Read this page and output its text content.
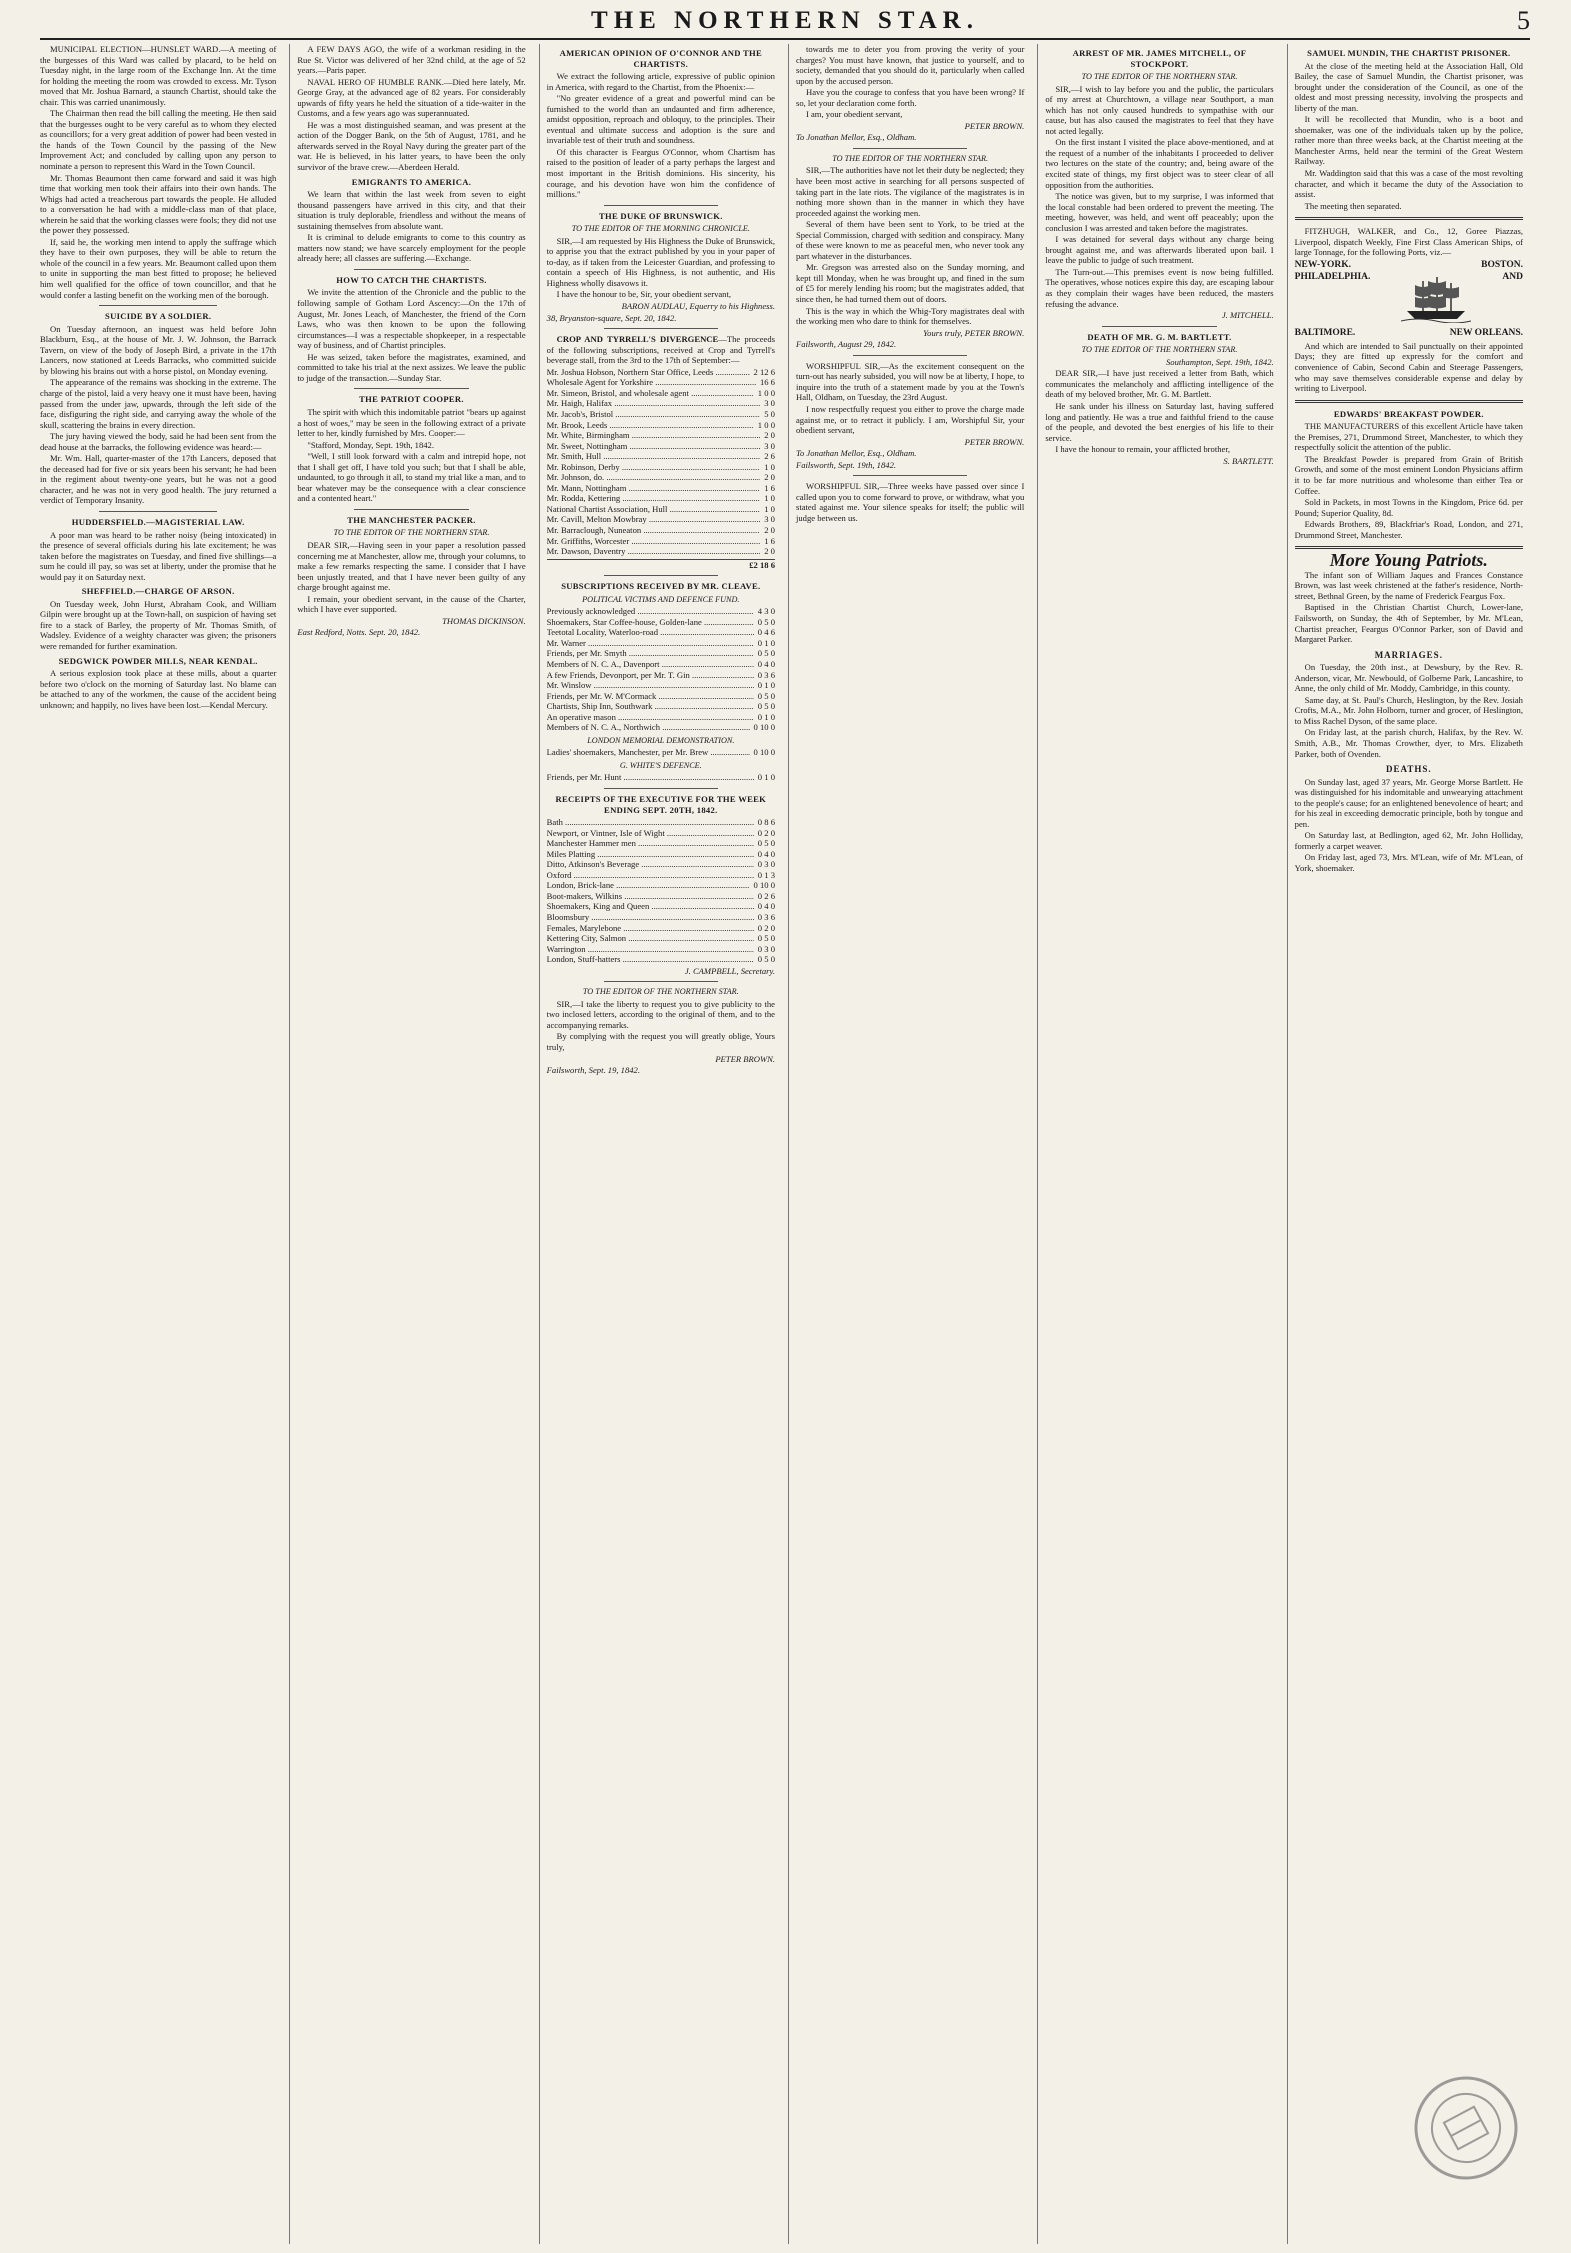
THE NORTHERN STAR.	5

MUNICIPAL ELECTION—HUNSLET WARD.—A meeting of the burgesses of this Ward was called by placard, to be held on Tuesday night, in the large room of the Exchange Inn. At the time for holding the meeting the room was crowded to excess. Mr. Tyson moved that Mr. Joshua Barnard, a staunch Chartist, should take the chair. This was carried unanimously.

The Chairman then read the bill calling the meeting. He then said that the burgesses ought to be very careful as to whom they elected as councillors; for a very great addition of power had been vested in the hands of the Town Council by the passing of the New Improvement Act; and concluded by calling upon any person to nominate a person to represent this Ward in the Town Council.

Mr. Thomas Beaumont then came forward and said it was high time that working men took their affairs into their own hands. The Whigs had acted a treacherous part towards the people. He alluded to a conversation he had with a middle-class man of that place, wherein he said that the working classes were fools; they did not use the power they possessed.

If, said he, the working men intend to apply the suffrage which they have to their own purposes, they will be able to return the whole of the council in a few years. Mr. Beaumont called upon them to unite in supporting the man best fitted to propose; he believed him well qualified for the office of town councillor, and that he would confer a lasting benefit on the working men of the borough.

SUICIDE BY A SOLDIER.

On Tuesday afternoon, an inquest was held before John Blackburn, Esq., at the house of Mr. J. W. Johnson, the Barrack Tavern, on view of the body of Joseph Bird, a private in the 17th Lancers, now stationed at Leeds Barracks, who committed suicide by blowing his brains out with a horse pistol, on Monday evening.

The appearance of the remains was shocking in the extreme. The charge of the pistol, laid a very heavy one it must have been, having passed from the under jaw, upwards, through the left side of the face, disfiguring the right side, and carrying away the whole of the skull, scattering the brains in every direction.

The jury having viewed the body, said he had been sent from the dead house at the barracks, the following evidence was heard:—

Mr. Wm. Hall, quarter-master of the 17th Lancers, deposed that the deceased had for five or six years been his servant; he had been in the regiment about twenty-one years, but he was not a good character, and he was not in very good health. The jury returned a verdict of Temporary Insanity.

HUDDERSFIELD.—MAGISTERIAL LAW.

A poor man was heard to be rather noisy (being intoxicated) in the presence of several officials during his late excitement; he was taken before the magistrates on Tuesday, and fined five shillings—a sum he could ill pay, so was set at liberty, under the promise that he would pay it on Saturday next.

SHEFFIELD.—CHARGE OF ARSON.

On Tuesday week, John Hurst, Abraham Cook, and William Gilpin were brought up at the Town-hall, on suspicion of having set fire to a stack of Barley, the property of Mr. Thomas Smith, of Wadsley. Evidence of a weighty character was given; the prisoners were remanded for further examination.

SEDGWICK POWDER MILLS, NEAR KENDAL.

A serious explosion took place at these mills, about a quarter before two o'clock on the morning of Saturday last. No blame can be attached to any of the workmen, the cause of the accident being unknown; and happily, no lives have been lost.—Kendal Mercury.

A FEW DAYS AGO, the wife of a workman residing in the Rue St. Victor was delivered of her 32nd child, at the age of 52 years.—Paris paper.

NAVAL HERO OF HUMBLE RANK.—Died here lately, Mr. George Gray, at the advanced age of 82 years. For considerably upwards of fifty years he held the situation of a tide-waiter in the Customs, and a few years ago was superannuated.

He was a most distinguished seaman, and was present at the action of the Dogger Bank, on the 5th of August, 1781, and he afterwards served in the Royal Navy during the greater part of the war. He is believed, in his latter years, to have been the only survivor of the brave crew.—Aberdeen Herald.

EMIGRANTS TO AMERICA.

We learn that within the last week from seven to eight thousand passengers have arrived in this city, and that their situation is truly deplorable, friendless and without the means of sustaining themselves from absolute want.

It is criminal to delude emigrants to come to this country as matters now stand; we have scarcely employment for the people already here; all classes are suffering.—Exchange.

HOW TO CATCH THE CHARTISTS.

We invite the attention of the Chronicle and the public to the following sample of Gotham Lord Ascency:—On the 17th of August, Mr. Jones Leach, of Manchester, the friend of the Corn Laws, who was then known to be upon the following circumstances—I was a respectable shopkeeper, in a respectable way of business, and of Chartist principles.

He was seized, taken before the magistrates, examined, and committed to take his trial at the next assizes. We leave the public to judge of the transaction.—Sunday Star.

THE PATRIOT COOPER.

The spirit with which this indomitable patriot "bears up against a host of woes," may be seen in the following extract of a private letter to her, kindly furnished by Mrs. Cooper:—

"Stafford, Monday, Sept. 19th, 1842.

"Well, I still look forward with a calm and intrepid hope, not that I shall get off, I have told you such; but that I shall be able, undaunted, to go through it all, to stand my trial like a man, and to bear whatever may be the consequence with a clear conscience and a contented heart."

THE MANCHESTER PACKER.
TO THE EDITOR OF THE NORTHERN STAR.

DEAR SIR,—Having seen in your paper a resolution passed concerning me at Manchester, allow me, through your columns, to make a few remarks respecting the same. I consider that I have been unjustly treated, and that I have never been guilty of any charge brought against me.

I remain, your obedient servant, in the cause of the Charter, which I have ever supported.

THOMAS DICKINSON.
East Redford, Notts. Sept. 20, 1842.
AMERICAN OPINION OF O'CONNOR AND THE CHARTISTS.

We extract the following article, expressive of public opinion in America, with regard to the Chartist, from the Phoenix:—

"No greater evidence of a great and powerful mind can be furnished to the world than an undaunted and firm adherence, amidst opposition, reproach and obloquy, to the principles. Their eventual and ultimate success and adoption is the sure and invariable test of their truth and soundness.

Of this character is Feargus O'Connor, whom Chartism has raised to the position of leader of a party perhaps the largest and most important in the British dominions. His sincerity, his courage, and his devotion have won him the confidence of millions."

THE DUKE OF BRUNSWICK.
TO THE EDITOR OF THE MORNING CHRONICLE.

SIR,—I am requested by His Highness the Duke of Brunswick, to apprise you that the extract published by you in your paper of to-day, as if taken from the Leicester Guardian, and professing to contain a speech of His Highness, is not authentic, and His Highness wholly disavows it.

I have the honour to be, Sir, your obedient servant,

BARON AUDLAU, Equerry to his Highness.
38, Bryanston-square, Sept. 20, 1842.

CROP AND TYRRELL'S DIVERGENCE—The proceeds of the following subscriptions, received at Crop and Tyrrell's beverage stall, from the 3rd to the 17th of September:—

Mr. Joshua Hobson, Northern Star Office, Leeds .....	2 12 6
Wholesale Agent for Yorkshire .....	16 6
Mr. Simeon, Bristol, and wholesale agent .....	1 0 0
Mr. Haigh, Halifax .....	3 0
Mr. Jacob's, Bristol .....	5 0
Mr. Brook, Leeds .....	1 0 0
Mr. White, Birmingham .....	2 0
Mr. Sweet, Nottingham .....	3 0
Mr. Smith, Hull .....	2 6
Mr. Robinson, Derby .....	1 0
Mr. Johnson, do. .....	2 0
Mr. Mann, Nottingham .....	1 6
Mr. Rodda, Kettering .....	1 0
National Chartist Association, Hull .....	1 0
Mr. Cavill, Melton Mowbray .....	3 0
Mr. Barraclough, Nuneaton .....	2 0
Mr. Griffiths, Worcester .....	1 6
Mr. Dawson, Daventry .....	2 0
£2 18 6
SUBSCRIPTIONS RECEIVED BY MR. CLEAVE.
POLITICAL VICTIMS AND DEFENCE FUND.
Previously acknowledged .....	4 3 0
Shoemakers, Star Coffee-house, Golden-lane .....	0 5 0
Teetotal Locality, Waterloo-road .....	0 4 6
Mr. Warner .....	0 1 0
Friends, per Mr. Smyth .....	0 5 0
Members of N. C. A., Davenport .....	0 4 0
A few Friends, Devonport, per Mr. T. Gin .....	0 3 6
Mr. Winslow .....	0 1 0
Friends, per Mr. W. M'Cormack .....	0 5 0
Chartists, Ship Inn, Southwark .....	0 5 0
An operative mason .....	0 1 0
Members of N. C. A., Northwich .....	0 10 0
LONDON MEMORIAL DEMONSTRATION.
Ladies' shoemakers, Manchester, per Mr. Brew .....	0 10 0
G. WHITE'S DEFENCE.
Friends, per Mr. Hunt .....	0 1 0
RECEIPTS OF THE EXECUTIVE FOR THE WEEK ENDING SEPT. 20TH, 1842.
Bath .....	0 8 6
Newport, or Vintner, Isle of Wight .....	0 2 0
Manchester Hammer men .....	0 5 0
Miles Platting .....	0 4 0
Ditto, Atkinson's Beverage .....	0 3 0
Oxford .....	0 1 3
London, Brick-lane .....	0 10 0
Boot-makers, Wilkins .....	0 2 6
Shoemakers, King and Queen .....	0 4 0
Bloomsbury .....	0 3 6
Females, Marylebone .....	0 2 0
Kettering City, Salmon .....	0 5 0
Warrington .....	0 3 0
London, Stuff-hatters .....	0 5 0
J. CAMPBELL, Secretary.
TO THE EDITOR OF THE NORTHERN STAR.

SIR,—I take the liberty to request you to give publicity to the two inclosed letters, according to the original of them, and to the accompanying remarks.

By complying with the request you will greatly oblige, Yours truly,

PETER BROWN.
Failsworth, Sept. 19, 1842.

towards me to deter you from proving the verity of your charges? You must have known, that justice to yourself, and to society, demanded that you should do it, particularly when called upon by the accused person.

Have you the courage to confess that you have been wrong? If so, let your declaration come forth.

I am, your obedient servant,

PETER BROWN.
To Jonathan Mellor, Esq., Oldham.
TO THE EDITOR OF THE NORTHERN STAR.

SIR,—The authorities have not let their duty be neglected; they have been most active in searching for all persons suspected of taking part in the late riots. The vigilance of the magistrates is in nothing more shown than in the manner in which they have proceeded against the working men.

Several of them have been sent to York, to be tried at the Special Commission, charged with sedition and conspiracy. Many of these were known to me as peaceful men, who never took any part whatever in the disturbances.

Mr. Gregson was arrested also on the Sunday morning, and kept till Monday, when he was brought up, and fined in the sum of £5 for merely lending his room; but the magistrates added, that since then, he had turned them out of doors.

This is the way in which the Whig-Tory magistrates deal with the working men who dare to think for themselves.

Yours truly, PETER BROWN.
Failsworth, August 29, 1842.

WORSHIPFUL SIR,—As the excitement consequent on the turn-out has nearly subsided, you will now be at liberty, I hope, to inquire into the truth of a statement made by you at the Town's Hall, Oldham, on Tuesday, the 23rd August.

I now respectfully request you either to prove the charge made against me, or to retract it publicly. I am, Worshipful Sir, your obedient servant,

PETER BROWN.
To Jonathan Mellor, Esq., Oldham.
Failsworth, Sept. 19th, 1842.

WORSHIPFUL SIR,—Three weeks have passed over since I called upon you to come forward to prove, or withdraw, what you stated against me. Your silence speaks for itself; the public will judge between us.

ARREST OF MR. JAMES MITCHELL, OF STOCKPORT.
TO THE EDITOR OF THE NORTHERN STAR.

SIR,—I wish to lay before you and the public, the particulars of my arrest at Churchtown, a village near Southport, a man which has not only caused hundreds to sympathise with our cause, but has also caused the magistrates to feel that they have not acted legally.

On the first instant I visited the place above-mentioned, and at the request of a number of the inhabitants I proceeded to deliver two lectures on the state of the country; and, being aware of the excited state of things, my first object was to steer clear of all opposition from the authorities.

The notice was given, but to my surprise, I was informed that the local constable had been ordered to prevent the meeting. The meeting, however, was held, and went off peaceably; upon the conclusion I was arrested and taken before the magistrates.

I was detained for several days without any charge being brought against me, and was afterwards liberated upon bail. I leave the public to judge of such treatment.

The Turn-out.—This premises event is now being fulfilled. The operatives, whose notices expire this day, are escaping labour as they complain their wages have been reduced, the masters refusing the advance.

J. MITCHELL.
DEATH OF MR. G. M. BARTLETT.
TO THE EDITOR OF THE NORTHERN STAR.
Southampton, Sept. 19th, 1842.

DEAR SIR,—I have just received a letter from Bath, which communicates the melancholy and afflicting intelligence of the death of my beloved brother, Mr. G. M. Bartlett.

He sank under his illness on Saturday last, having suffered long and patiently. He was a true and faithful friend to the cause of the people, and devoted the best energies of his life to their service.

I have the honour to remain, your afflicted brother,

S. BARTLETT.
SAMUEL MUNDIN, THE CHARTIST PRISONER.

At the close of the meeting held at the Association Hall, Old Bailey, the case of Samuel Mundin, the Chartist prisoner, was brought under the consideration of the Council, as one of the oldest and most pressing necessity, involving the prospects and liberty of the man.

It will be recollected that Mundin, who is a boot and shoemaker, was one of the individuals taken up by the police, rather more than three weeks back, at the Chartist meeting at the Manchester Arms, held near the termini of the Great Western Railway.

Mr. Waddington said that this was a case of the most revolting character, and which it became the duty of the Association to assist.

The meeting then separated.

FITZHUGH, WALKER, and Co., 12, Goree Piazzas, Liverpool, dispatch Weekly, Fine First Class American Ships, of large Tonnage, for the following Ports, viz.—

NEW-YORK.	BOSTON.
PHILADELPHIA.	AND
BALTIMORE.	NEW ORLEANS.

And which are intended to Sail punctually on their appointed Days; they are fitted up expressly for the comfort and convenience of Cabin, Second Cabin and Steerage Passengers, who may save themselves considerable expense and delay by writing to Liverpool.

EDWARDS' BREAKFAST POWDER.

THE MANUFACTURERS of this excellent Article have taken the Premises, 271, Drummond Street, Manchester, to which they respectfully solicit the attention of the public.

The Breakfast Powder is prepared from Grain of British Growth, and some of the most eminent London Physicians affirm it to be far more nutritious and wholesome than either Tea or Coffee.

Sold in Packets, in most Towns in the Kingdom, Price 6d. per Pound; Superior Quality, 8d.

Edwards Brothers, 89, Blackfriar's Road, London, and 271, Drummond Street, Manchester.

More Young Patriots.

The infant son of William Jaques and Frances Constance Brown, was last week christened at the father's residence, North-street, Bethnal Green, by the name of Frederick Feargus Fox.

Baptised in the Christian Chartist Church, Lower-lane, Failsworth, on Sunday, the 4th of September, by Mr. M'Lean, Chartist preacher, Feargus O'Connor Parker, son of David and Margaret Parker.

MARRIAGES.

On Tuesday, the 20th inst., at Dewsbury, by the Rev. R. Anderson, vicar, Mr. Newbould, of Golberne Park, Lancashire, to Anne, the only child of Mr. Moddy, Cambridge, in this county.

Same day, at St. Paul's Church, Heslington, by the Rev. Josiah Crofts, M.A., Mr. John Holborn, turner and grocer, of Heslington, to Miss Rachel Dyson, of the same place.

On Friday last, at the parish church, Halifax, by the Rev. W. Smith, A.B., Mr. Thomas Crowther, dyer, to Mrs. Elizabeth Parker, both of Ovenden.

DEATHS.

On Sunday last, aged 37 years, Mr. George Morse Bartlett. He was distinguished for his indomitable and unwearying attachment to the people's cause; for an enlightened benevolence of heart; and for his zeal in exceeding democratic principle, both by tongue and pen.

On Saturday last, at Bedlington, aged 62, Mr. John Holliday, formerly a carpet weaver.

On Friday last, aged 73, Mrs. M'Lean, wife of Mr. M'Lean, of York, shoemaker.
